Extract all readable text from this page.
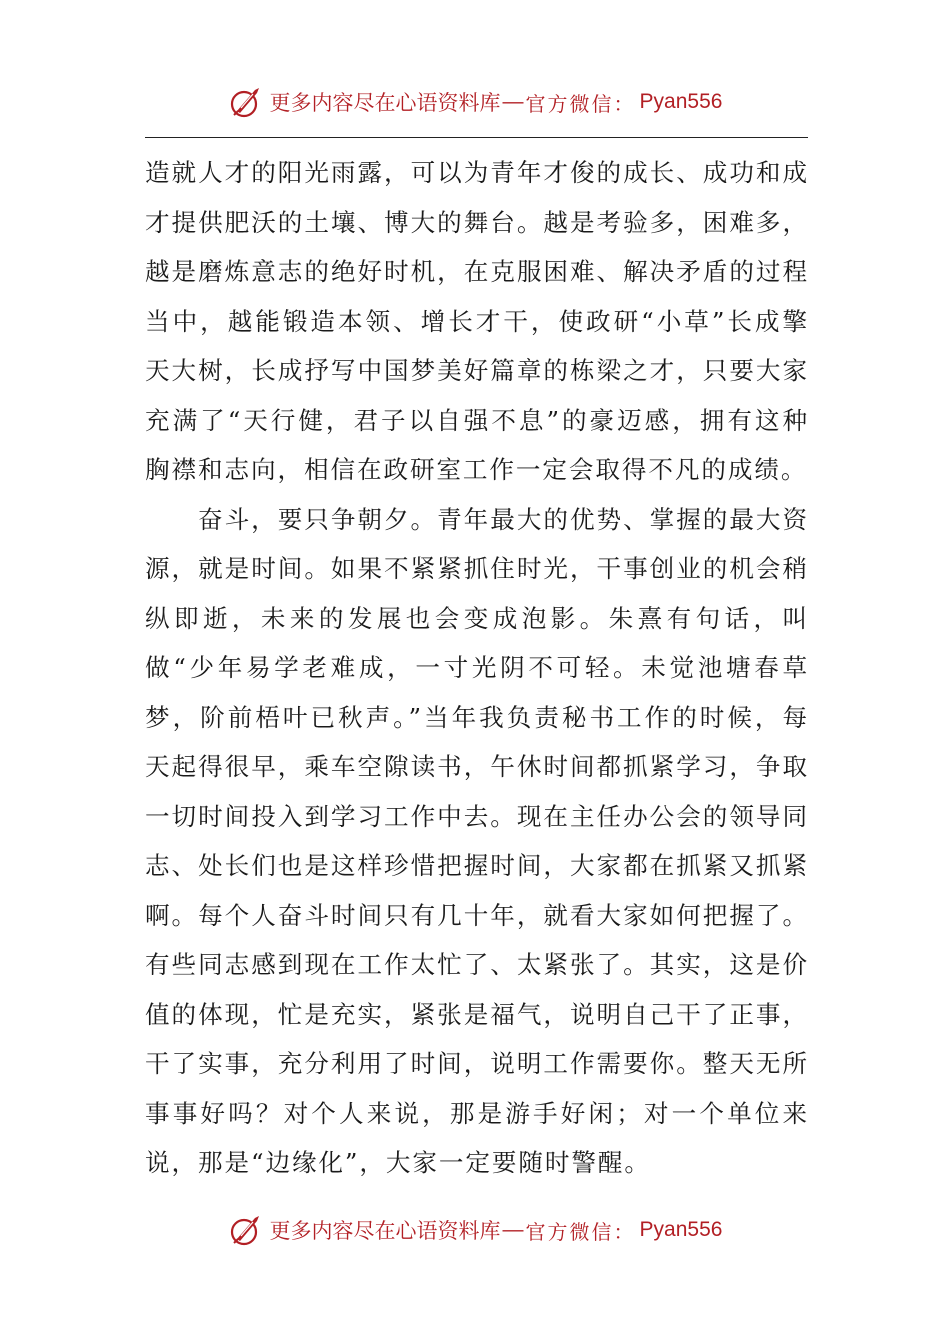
更多内容尽在心语资料库 — 官方微信： Pyan556

造就人才的阳光雨露，可以为青年才俊的成长、成功和成才提供肥沃的土壤、博大的舞台。越是考验多，困难多，越是磨炼意志的绝好时机，在克服困难、解决矛盾的过程当中，越能锻造本领、增长才干，使政研“小草”长成擎天大树，长成抒写中国梦美好篇章的栋梁之才，只要大家充满了“天行健，君子以自强不息”的豪迈感，拥有这种胸襟和志向，相信在政研室工作一定会取得不凡的成绩。

奋斗，要只争朝夕。青年最大的优势、掌握的最大资源，就是时间。如果不紧紧抓住时光，干事创业的机会稍纵即逝，未来的发展也会变成泡影。朱熹有句话，叫做“少年易学老难成，一寸光阴不可轻。未觉池塘春草梦，阶前梧叶已秋声。”当年我负责秘书工作的时候，每天起得很早，乘车空隙读书，午休时间都抓紧学习，争取一切时间投入到学习工作中去。现在主任办公会的领导同志、处长们也是这样珍惜把握时间，大家都在抓紧又抓紧啊。每个人奋斗时间只有几十年，就看大家如何把握了。有些同志感到现在工作太忙了、太紧张了。其实，这是价值的体现，忙是充实，紧张是福气，说明自己干了正事，干了实事，充分利用了时间，说明工作需要你。整天无所事事好吗？对个人来说，那是游手好闲；对一个单位来说，那是“边缘化”，大家一定要随时警醒。

更多内容尽在心语资料库 — 官方微信： Pyan556
